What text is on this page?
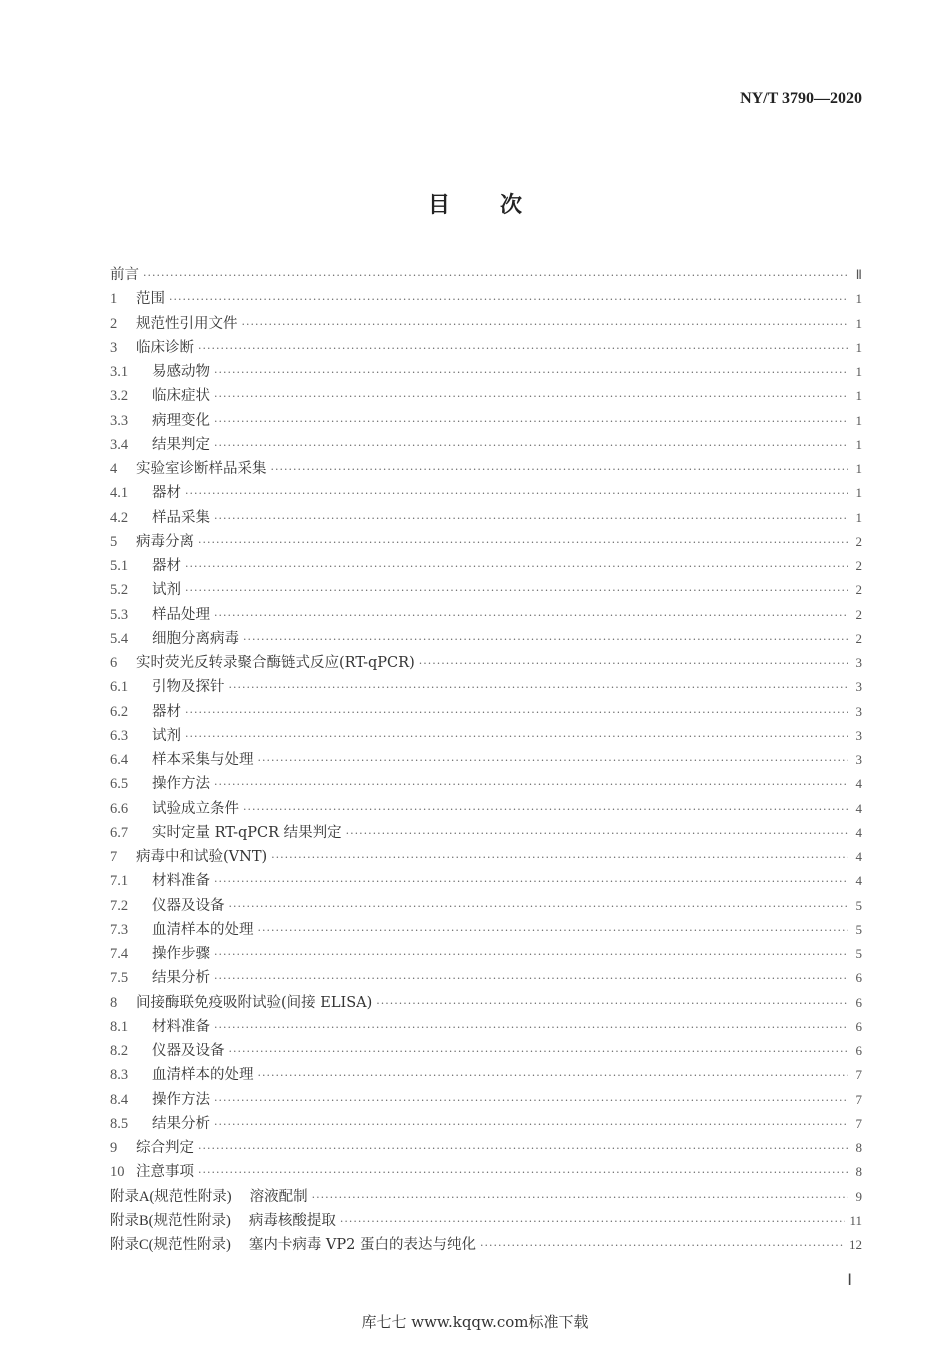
NY/T 3790—2020
目次
前言 ·····	Ⅱ
1	范围 ·····	1
2	规范性引用文件 ·····	1
3	临床诊断 ·····	1
3.1	易感动物 ·····	1
3.2	临床症状 ·····	1
3.3	病理变化 ·····	1
3.4	结果判定 ·····	1
4	实验室诊断样品采集 ·····	1
4.1	器材 ·····	1
4.2	样品采集 ·····	1
5	病毒分离 ·····	2
5.1	器材 ·····	2
5.2	试剂 ·····	2
5.3	样品处理 ·····	2
5.4	细胞分离病毒 ·····	2
6	实时荧光反转录聚合酶链式反应(RT-qPCR) ·····	3
6.1	引物及探针 ·····	3
6.2	器材 ·····	3
6.3	试剂 ·····	3
6.4	样本采集与处理 ·····	3
6.5	操作方法 ·····	4
6.6	试验成立条件 ·····	4
6.7	实时定量 RT-qPCR 结果判定 ·····	4
7	病毒中和试验(VNT) ·····	4
7.1	材料准备 ·····	4
7.2	仪器及设备 ·····	5
7.3	血清样本的处理 ·····	5
7.4	操作步骤 ·····	5
7.5	结果分析 ·····	6
8	间接酶联免疫吸附试验(间接 ELISA) ·····	6
8.1	材料准备 ·····	6
8.2	仪器及设备 ·····	6
8.3	血清样本的处理 ·····	7
8.4	操作方法 ·····	7
8.5	结果分析 ·····	7
9	综合判定 ·····	8
10 注意事项 ·····	8
附录A(规范性附录) 溶液配制 ·····	9
附录B(规范性附录) 病毒核酸提取 ·····	11
附录C(规范性附录) 塞内卡病毒 VP2 蛋白的表达与纯化 ·····	12
Ⅰ
库七七 www.kqqw.com标准下载
